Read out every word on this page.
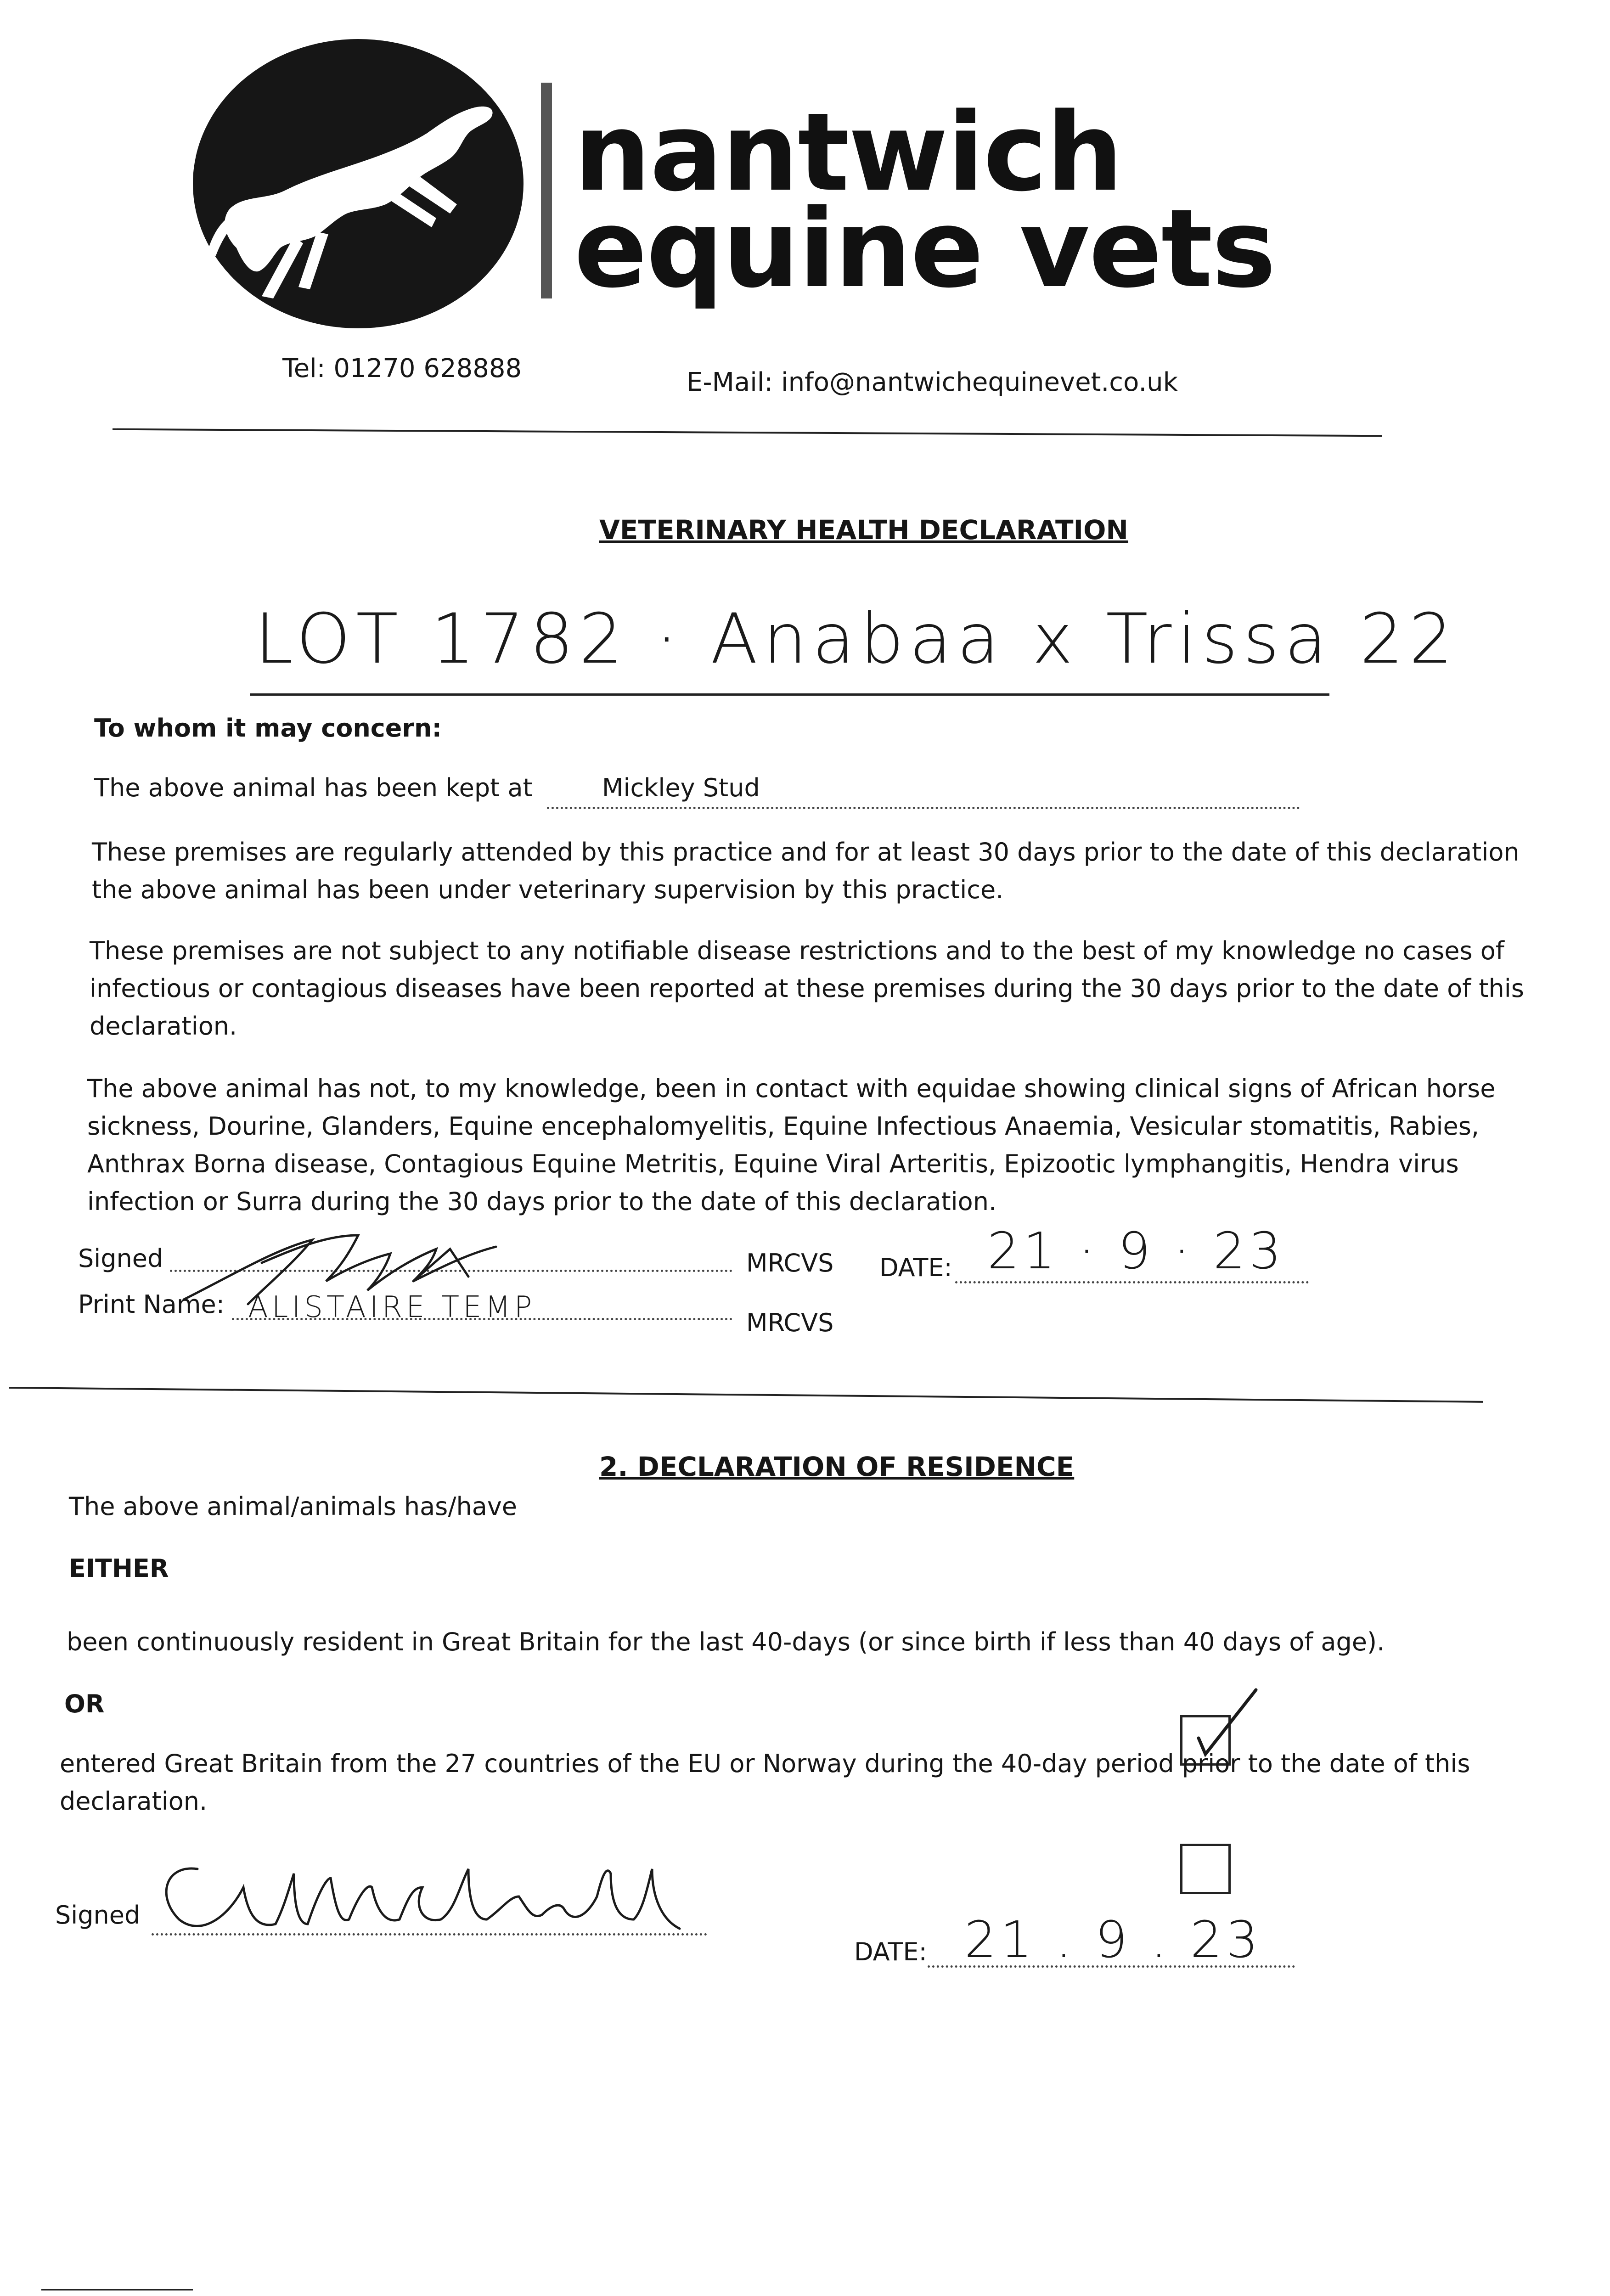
nantwich
equine vets
Tel: 01270 628888	E-Mail: info@nantwichequinevet.co.uk
VETERINARY HEALTH DECLARATION
LOT 1782 · Anabaa x Trissa 22
To whom it may concern:
The above animal has been kept at	Mickley Stud
These premises are regularly attended by this practice and for at least 30 days prior to the date of this declaration the above animal has been under veterinary supervision by this practice.
These premises are not subject to any notifiable disease restrictions and to the best of my knowledge no cases of infectious or contagious diseases have been reported at these premises during the 30 days prior to the date of this declaration.
The above animal has not, to my knowledge, been in contact with equidae showing clinical signs of African horse sickness, Dourine, Glanders, Equine encephalomyelitis, Equine Infectious Anaemia, Vesicular stomatitis, Rabies, Anthrax Borna disease, Contagious Equine Metritis, Equine Viral Arteritis, Epizootic lymphangitis, Hendra virus infection or Surra during the 30 days prior to the date of this declaration.
Signed	MRCVS DATE: 21 · 9 · 23
Print Name: ALISTAIRE TEMP	MRCVS
2. DECLARATION OF RESIDENCE
The above animal/animals has/have
EITHER
been continuously resident in Great Britain for the last 40-days (or since birth if less than 40 days of age).
OR
entered Great Britain from the 27 countries of the EU or Norway during the 40-day period prior to the date of this declaration.
Signed
DATE: 21 . 9 . 23
